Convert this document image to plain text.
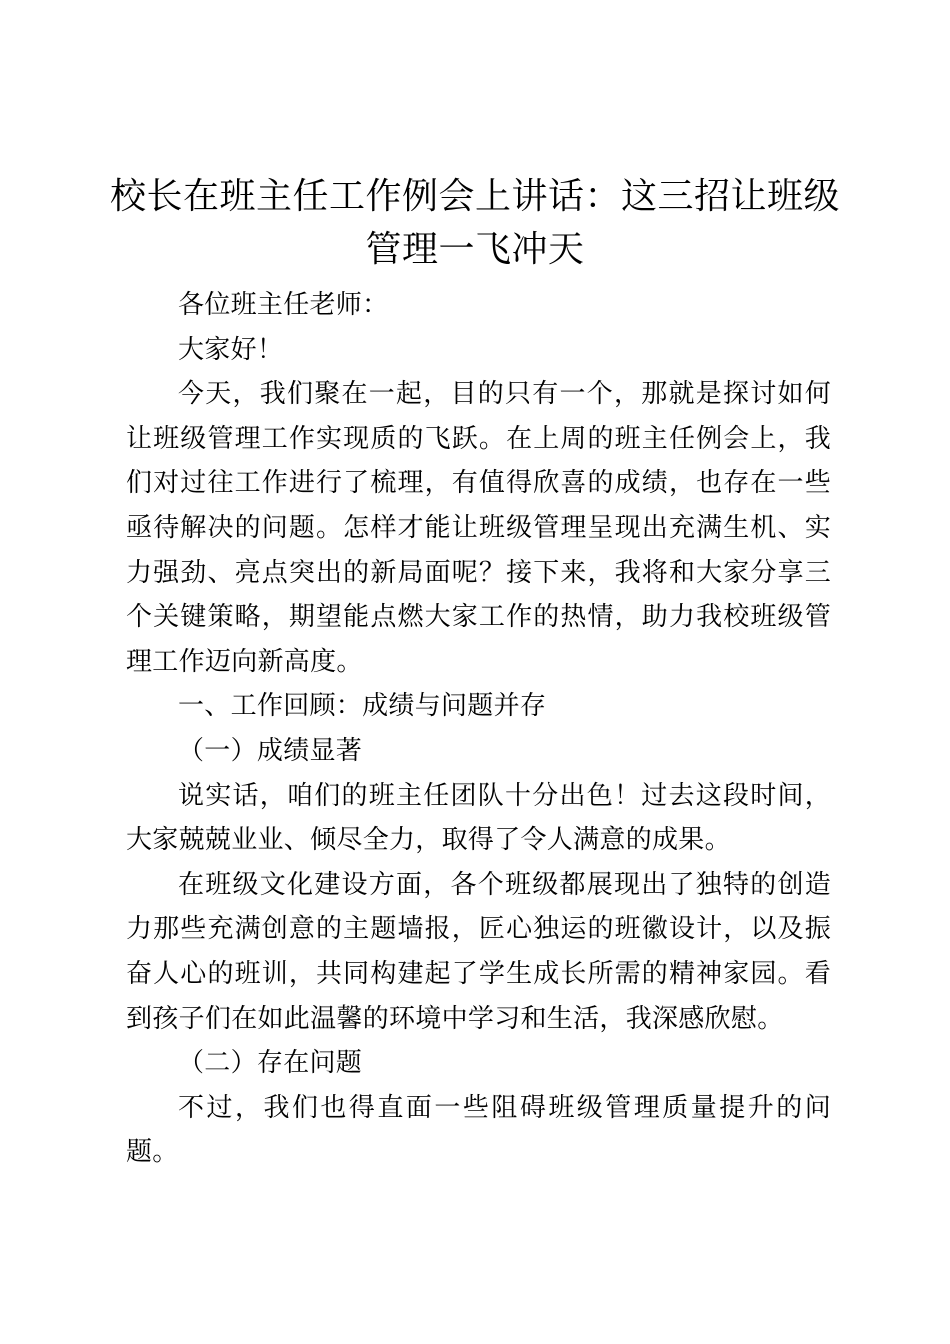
校长在班主任工作例会上讲话：这三招让班级管理一飞冲天

各位班主任老师：

大家好！

今天，我们聚在一起，目的只有一个，那就是探讨如何让班级管理工作实现质的飞跃。在上周的班主任例会上，我们对过往工作进行了梳理，有值得欣喜的成绩，也存在一些亟待解决的问题。怎样才能让班级管理呈现出充满生机、实力强劲、亮点突出的新局面呢？接下来，我将和大家分享三个关键策略，期望能点燃大家工作的热情，助力我校班级管理工作迈向新高度。

一、工作回顾：成绩与问题并存

（一）成绩显著

说实话，咱们的班主任团队十分出色！过去这段时间，大家兢兢业业、倾尽全力，取得了令人满意的成果。

在班级文化建设方面，各个班级都展现出了独特的创造力那些充满创意的主题墙报，匠心独运的班徽设计，以及振奋人心的班训，共同构建起了学生成长所需的精神家园。看到孩子们在如此温馨的环境中学习和生活，我深感欣慰。

（二）存在问题

不过，我们也得直面一些阻碍班级管理质量提升的问题。
